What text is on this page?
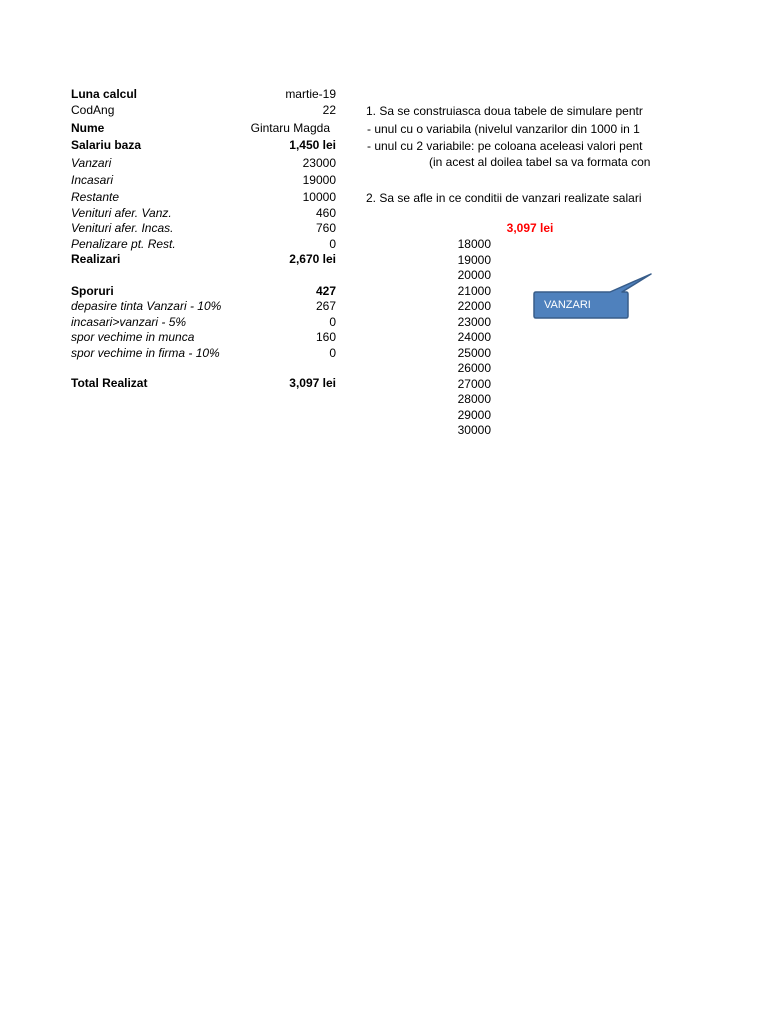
Luna calcul	martie-19
CodAng	22
Nume	Gintaru Magda
Salariu baza	1,450 lei
Vanzari	23000
Incasari	19000
Restante	10000
Venituri afer. Vanz.	460
Venituri afer. Incas.	760
Penalizare pt. Rest.	0
Realizari	2,670 lei
Sporuri	427
depasire tinta Vanzari - 10%	267
incasari>vanzari - 5%	0
spor vechime in munca	160
spor vechime in firma - 10%	0
Total Realizat	3,097 lei
1. Sa se construiasca doua tabele de simulare pentr
- unul cu o variabila (nivelul vanzarilor din 1000 in 1
- unul cu 2 variabile: pe coloana aceleasi valori pent
(in acest al doilea tabel sa va formata con
2. Sa se afle in ce conditii de vanzari realizate salari
3,097 lei
18000
19000
20000
21000
22000
23000
24000
25000
26000
27000
28000
29000
30000
VANZARI
